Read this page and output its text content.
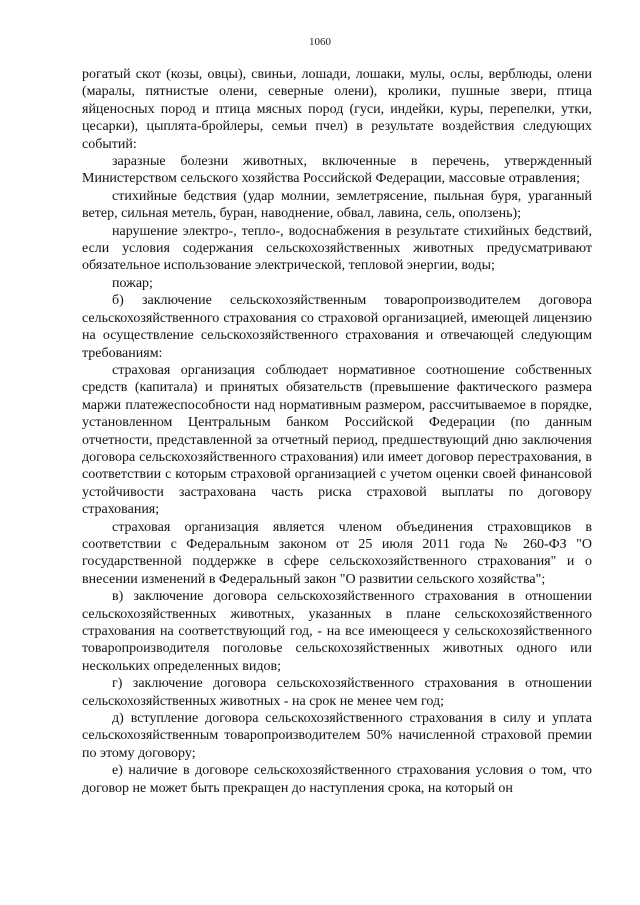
1060

рогатый скот (козы, овцы), свиньи, лошади, лошаки, мулы, ослы, верблюды, олени (маралы, пятнистые олени, северные олени), кролики, пушные звери, птица яйценосных пород и птица мясных пород (гуси, индейки, куры, перепелки, утки, цесарки), цыплята-бройлеры, семьи пчел) в результате воздействия следующих событий:

заразные болезни животных, включенные в перечень, утвержденный Министерством сельского хозяйства Российской Федерации, массовые отравления;

стихийные бедствия (удар молнии, землетрясение, пыльная буря, ураганный ветер, сильная метель, буран, наводнение, обвал, лавина, сель, оползень);

нарушение электро-, тепло-, водоснабжения в результате стихийных бедствий, если условия содержания сельскохозяйственных животных предусматривают обязательное использование электрической, тепловой энергии, воды;

пожар;

б) заключение сельскохозяйственным товаропроизводителем договора сельскохозяйственного страхования со страховой организацией, имеющей лицензию на осуществление сельскохозяйственного страхования и отвечающей следующим требованиям:

страховая организация соблюдает нормативное соотношение собственных средств (капитала) и принятых обязательств (превышение фактического размера маржи платежеспособности над нормативным размером, рассчитываемое в порядке, установленном Центральным банком Российской Федерации (по данным отчетности, представленной за отчетный период, предшествующий дню заключения договора сельскохозяйственного страхования) или имеет договор перестрахования, в соответствии с которым страховой организацией с учетом оценки своей финансовой устойчивости застрахована часть риска страховой выплаты по договору страхования;

страховая организация является членом объединения страховщиков в соответствии с Федеральным законом от 25 июля 2011 года № 260-ФЗ "О государственной поддержке в сфере сельскохозяйственного страхования" и о внесении изменений в Федеральный закон "О развитии сельского хозяйства";

в) заключение договора сельскохозяйственного страхования в отношении сельскохозяйственных животных, указанных в плане сельскохозяйственного страхования на соответствующий год, - на все имеющееся у сельскохозяйственного товаропроизводителя поголовье сельскохозяйственных животных одного или нескольких определенных видов;

г) заключение договора сельскохозяйственного страхования в отношении сельскохозяйственных животных - на срок не менее чем год;

д) вступление договора сельскохозяйственного страхования в силу и уплата сельскохозяйственным товаропроизводителем 50% начисленной страховой премии по этому договору;

е) наличие в договоре сельскохозяйственного страхования условия о том, что договор не может быть прекращен до наступления срока, на который он
